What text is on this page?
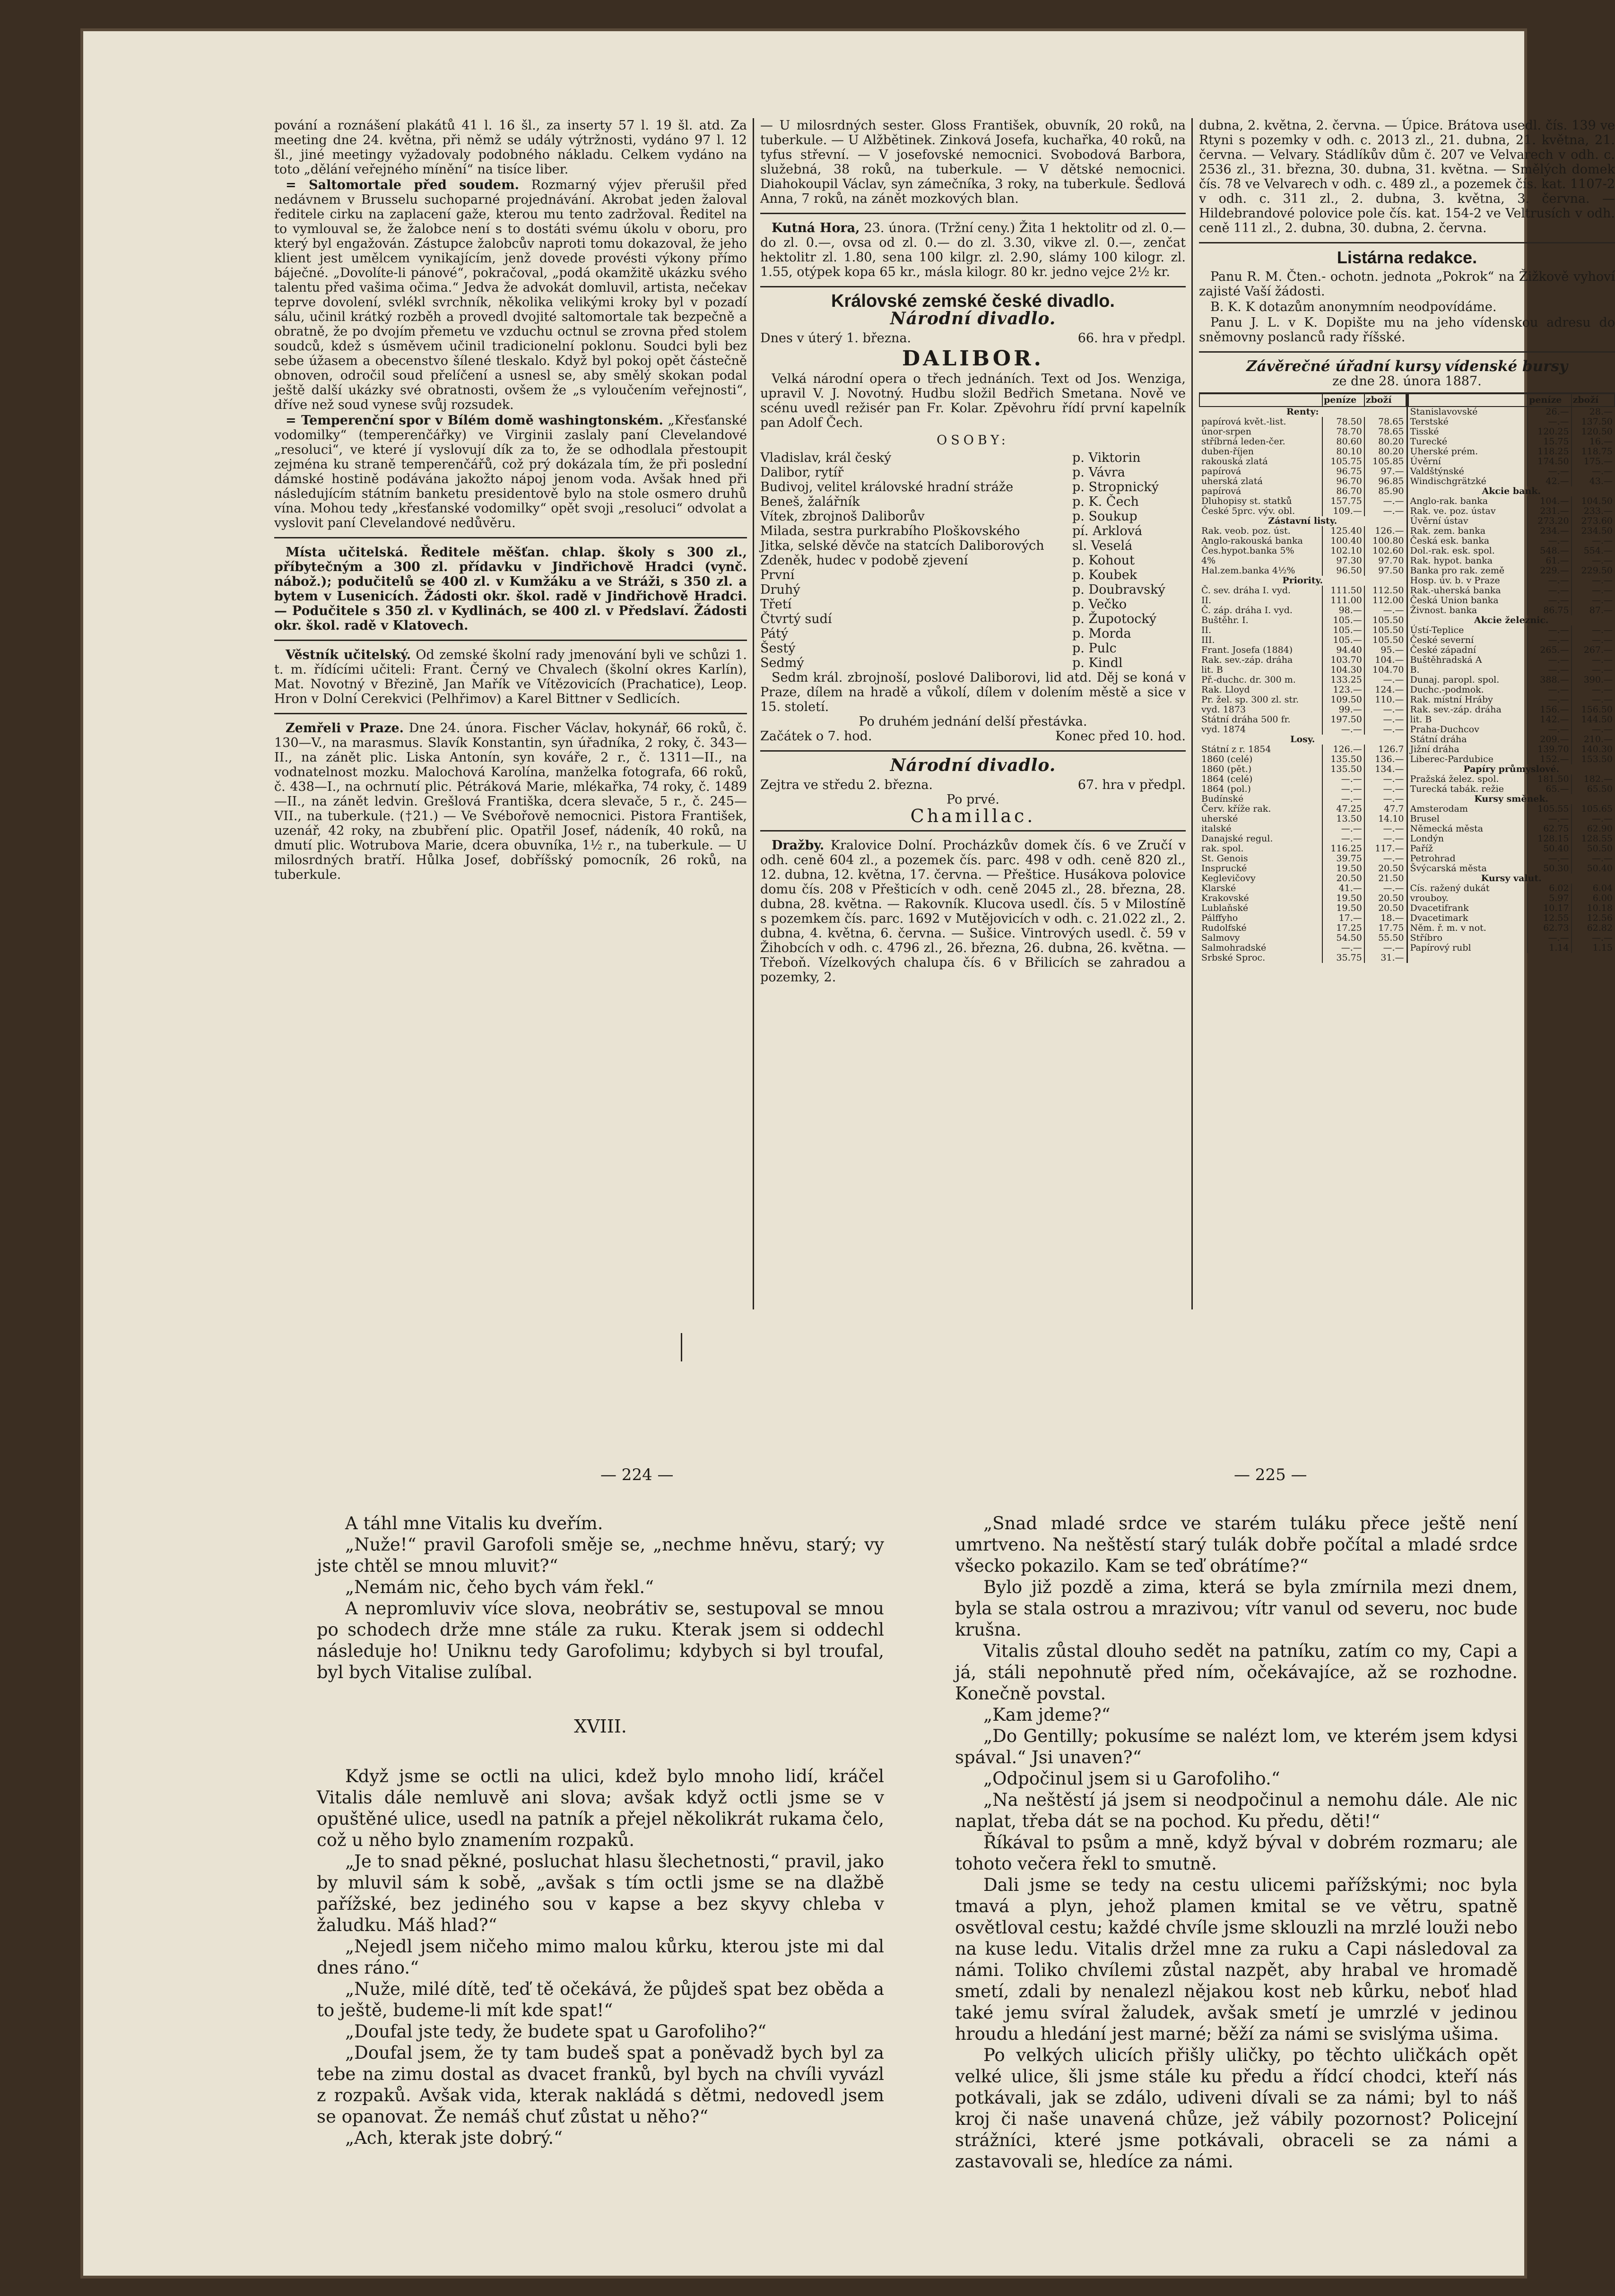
pování a roznášení plakátů 41 l. 16 šl., za inserty 57 l. 19 šl. atd. Za meeting dne 24. května, při němž se udály výtržnosti, vydáno 97 l. 12 šl., jiné meetingy vyžadovaly podobného nákladu. Celkem vydáno na toto „dělání veřejného mínění“ na tisíce liber.

= Saltomortale před soudem. Rozmarný výjev přerušil před nedávnem v Brusselu suchoparné projednávání. Akrobat jeden žaloval ředitele cirku na zaplacení gaže, kterou mu tento zadržoval. Ředitel na to vymlouval se, že žalobce není s to dostáti svému úkolu v oboru, pro který byl engažován. Zástupce žalobcův naproti tomu dokazoval, že jeho klient jest umělcem vynikajícím, jenž dovede provésti výkony přímo báječné. „Dovolíte-li pánové“, pokračoval, „podá okamžitě ukázku svého talentu před vašima očima.“ Jedva že advokát domluvil, artista, nečekav teprve dovolení, svlékl svrchník, několika velikými kroky byl v pozadí sálu, učinil krátký rozběh a provedl dvojité saltomortale tak bezpečně a obratně, že po dvojím přemetu ve vzduchu octnul se zrovna před stolem soudců, kdež s úsměvem učinil tradicionelní poklonu. Soudci byli bez sebe úžasem a obecenstvo šílené tleskalo. Když byl pokoj opět částečně obnoven, odročil soud přelíčení a usnesl se, aby smělý skokan podal ještě další ukázky své obratnosti, ovšem že „s vyloučením veřejnosti“, dříve než soud vynese svůj rozsudek.

= Temperenční spor v Bílém domě washingtonském. „Křesťanské vodomilky“ (temperenčářky) ve Virginii zaslaly paní Clevelandové „resoluci“, ve které jí vyslovují dík za to, že se odhodlala přestoupit zejména ku straně temperenčářů, což prý dokázala tím, že při poslední dámské hostině podávána jakožto nápoj jenom voda. Avšak hned při následujícím státním banketu presidentově bylo na stole osmero druhů vína. Mohou tedy „křesťanské vodomilky“ opět svoji „resoluci“ odvolat a vyslovit paní Clevelandové nedůvěru.

Místa učitelská. Ředitele měšťan. chlap. školy s 300 zl., příbytečným a 300 zl. přídavku v Jindřichově Hradci (vynč. nábož.); podučitelů se 400 zl. v Kumžáku a ve Stráži, s 350 zl. a bytem v Lusenicích. Žádosti okr. škol. radě v Jindřichově Hradci. — Podučitele s 350 zl. v Kydlinách, se 400 zl. v Předslaví. Žádosti okr. škol. radě v Klatovech.

Věstník učitelský. Od zemské školní rady jmenování byli ve schůzi 1. t. m. řídícími učiteli: Frant. Černý ve Chvalech (školní okres Karlín), Mat. Novotný v Březině, Jan Mařík ve Vítězovicích (Prachatice), Leop. Hron v Dolní Cerekvici (Pelhřimov) a Karel Bittner v Sedlicích.

Zemřeli v Praze. Dne 24. února. Fischer Václav, hokynář, 66 roků, č. 130—V., na marasmus. Slavík Konstantin, syn úřadníka, 2 roky, č. 343—II., na zánět plic. Liska Antonín, syn kováře, 2 r., č. 1311—II., na vodnatelnost mozku. Malochová Karolína, manželka fotografa, 66 roků, č. 438—I., na ochrnutí plic. Pétráková Marie, mlékařka, 74 roky, č. 1489—II., na zánět ledvin. Grešlová Františka, dcera slevače, 5 r., č. 245—VII., na tuberkule. (†21.) — Ve Svébořově nemocnici. Pistora František, uzenář, 42 roky, na zbubření plic. Opatřil Josef, nádeník, 40 roků, na dmutí plic. Wotrubova Marie, dcera obuvníka, 1½ r., na tuberkule. — U milosrdných bratří. Hůlka Josef, dobříšský pomocník, 26 roků, na tuberkule.

— U milosrdných sester. Gloss František, obuvník, 20 roků, na tuberkule. — U Alžbětinek. Zinková Josefa, kuchařka, 40 roků, na tyfus střevní. — V josefovské nemocnici. Svobodová Barbora, služebná, 38 roků, na tuberkule. — V dětské nemocnici. Diahokoupil Václav, syn zámečníka, 3 roky, na tuberkule. Šedlová Anna, 7 roků, na zánět mozkových blan.

Kutná Hora, 23. února. (Tržní ceny.) Žita 1 hektolitr od zl. 0.— do zl. 0.—, ovsa od zl. 0.— do zl. 3.30, vikve zl. 0.—, zenčat hektolitr zl. 1.80, sena 100 kilgr. zl. 2.90, slámy 100 kilogr. zl. 1.55, otýpek kopa 65 kr., másla kilogr. 80 kr. jedno vejce 2½ kr.

Královské zemské české divadlo.
Národní divadlo.
Dnes v úterý 1. března.	66. hra v předpl.
DALIBOR.

Velká národní opera o třech jednáních. Text od Jos. Wenziga, upravil V. J. Novotný. Hudbu složil Bedřich Smetana. Nově ve scénu uvedl režisér pan Fr. Kolar. Zpěvohru řídí první kapelník pan Adolf Čech.

OSOBY:
Vladislav, král český	p. Viktorin
Dalibor, rytíř	p. Vávra
Budivoj, velitel královské hradní stráže	p. Stropnický
Beneš, žalářník	p. K. Čech
Vítek, zbrojnoš Daliborův	p. Soukup
Milada, sestra purkrabího Ploškovského	pí. Arklová
Jitka, selské děvče na statcích Daliborových	sl. Veselá
Zdeněk, hudec v podobě zjevení	p. Kohout
První	p. Koubek
Druhý	p. Doubravský
Třetí	p. Večko
Čtvrtý sudí	p. Župotocký
Pátý	p. Morda
Šestý	p. Pulc
Sedmý	p. Kindl

Sedm král. zbrojnoší, poslové Daliborovi, lid atd. Děj se koná v Praze, dílem na hradě a vůkolí, dílem v dolením městě a sice v 15. století.

Po druhém jednání delší přestávka.
Začátek o 7. hod.	Konec před 10. hod.
Národní divadlo.
Zejtra ve středu 2. března.	67. hra v předpl.
Po prvé.
Chamillac.

Dražby. Kralovice Dolní. Procházkův domek čís. 6 ve Zručí v odh. ceně 604 zl., a pozemek čís. parc. 498 v odh. ceně 820 zl., 12. dubna, 12. května, 17. června. — Přeštice. Husákova polovice domu čís. 208 v Přešticích v odh. ceně 2045 zl., 28. března, 28. dubna, 28. května. — Rakovník. Klucova usedl. čís. 5 v Milostíně s pozemkem čís. parc. 1692 v Mutějovicích v odh. c. 21.022 zl., 2. dubna, 4. května, 6. června. — Sušice. Vintrových usedl. č. 59 v Žihobcích v odh. c. 4796 zl., 26. března, 26. dubna, 26. května. — Třeboň. Vízelkových chalupa čís. 6 v Břilicích se zahradou a pozemky, 2.

dubna, 2. května, 2. června. — Úpice. Brátova usedl. čís. 139 ve Rtyni s pozemky v odh. c. 2013 zl., 21. dubna, 21. května, 21. června. — Velvary. Stádlíkův dům č. 207 ve Velvarech v odh. c. 2536 zl., 31. března, 30. dubna, 31. května. — Smělých domek čís. 78 ve Velvarech v odh. c. 489 zl., a pozemek čís. kat. 1107-2 v odh. c. 311 zl., 2. dubna, 3. května, 3. června. — Hildebrandové polovice pole čís. kat. 154-2 ve Veltrusích v odh. ceně 111 zl., 2. dubna, 30. dubna, 2. června.

Listárna redakce.

Panu R. M. Čten.- ochotn. jednota „Pokrok“ na Žižkově vyhoví zajisté Vaší žádosti.

B. K. K dotazům anonymním neodpovídáme.

Panu J. L. v K. Dopište mu na jeho vídenskou adresu do sněmovny poslanců rady říšské.

Závěrečné úřadní kursy vídenské bursy
ze dne 28. února 1887.
	peníze	zboží
Renty:		
papírová květ.-list.	78.50	78.65
únor-srpen	78.70	78.65
stříbrná leden-čer.	80.60	80.20
duben-říjen	80.10	80.20
rakouská zlatá	105.75	105.85
papírová	96.75	97.—
uherská zlatá	96.70	96.85
papírová	86.70	85.90
Dluhopisy st. statků	157.75	—.—
České 5prc. výv. obl.	109.—	—.—
Zástavní listy.		
Rak. veob. poz. úst.	125.40	126.—
Anglo-rakouská banka	100.40	100.80
Čes.hypot.banka 5%	102.10	102.60
4%	97.30	97.70
Hal.zem.banka 4½%	96.50	97.50
Priority.		
Č. sev. dráha I. vyd.	111.50	112.50
II.	111.00	112.00
Č. záp. dráha I. vyd.	98.—	—.—
Buštěhr. I.	105.—	105.50
II.	105.—	105.50
III.	105.—	105.50
Frant. Josefa (1884)	94.40	95.—
Rak. sev.-záp. dráha	103.70	104.—
lit. B	104.30	104.70
Př.-duchc. dr. 300 m.	133.25	—.—
Rak. Lloyd	123.—	124.—
Pr. žel. sp. 300 zl. str.	109.50	110.—
vyd. 1873	99.—	—.—
Státní dráha 500 fr.	197.50	—.—
vyd. 1874	—.—	—.—
Losy.		
Státní z r. 1854	126.—	126.7
1860 (celé)	135.50	136.—
1860 (pět.)	135.50	134.—
1864 (celé)	—.—	—.—
1864 (pol.)	—.—	—.—
Budínské	—.—	—.—
Červ. kříže rak.	47.25	47.7
uherské	13.50	14.10
italské	—.—	—.—
Danajské regul.	—.—	—.—
rak. spol.	116.25	117.—
St. Genois	39.75	—.—
Insprucké	19.50	20.50
Keglevičovy	20.50	21.50
Klarské	41.—	—.—
Krakovské	19.50	20.50
Lublaňské	19.50	20.50
Pálffyho	17.—	18.—
Rudolfské	17.25	17.75
Salmovy	54.50	55.50
Salmohradské	—.—	—.—
Srbské Sproc.	35.75	31.—
	peníze	zboží
Stanislavovské	26.—	28.—
Terstské	—.—	137.50
Tisské	120.25	120.50
Turecké	15.75	16.—
Uherské prém.	118.25	118.75
Úvěrní	174.50	175.—
Valdštýnské	—.—	—.—
Windischgrätzké	42.—	43.—
Akcie bank.		
Anglo-rak. banka	104.—	104.50
Rak. ve. poz. ústav	231.—	233.—
Úvěrní ústav	273.20	273.60
Rak. zem. banka	234.—	234.50
Česká esk. banka	—.—	—.—
Dol.-rak. esk. spol.	548.—	554.—
Rak. hypot. banka	61.—	—.—
Banka pro rak. země	229.—	229.50
Hosp. úv. b. v Praze	—.—	—.—
Rak.-uherská banka	—.—	—.—
Česká Union banka	—.—	—.—
Živnost. banka	86.75	87.—
Akcie železnic.		
Ústí-Teplice	—.—	—.—
České severní	—.—	—.—
České západní	265.—	267.—
Buštěhradská A	—.—	—.—
B.	—.—	—.—
Dunaj. paropl. spol.	388.—	390.—
Duchc.-podmok.	—.—	—.—
Rak. místní Hráby	—.—	—.—
Rak. sev.-záp. dráha	156.—	156.50
lit. B	142.—	144.50
Praha-Duchcov	—.—	—.—
Státní dráha	209.—	210.—
Jižní dráha	139.70	140.30
Liberec-Pardubice	152.—	153.50
Papíry průmyslové.		
Pražská želez. spol.	181.50	182.—
Turecká tabák. režie	65.—	65.50
Kursy směnek.		
Amsterodam	105.55	105.65
Brusel	—.—	—.—
Německá města	62.75	62.90
Londýn	128.15	128.55
Paříž	50.40	50.50
Petrohrad	—.—	—.—
Švýcarská města	50.30	50.40
Kursy valut.		
Cís. ražený dukát	6.02	6.04
vrouboy.	5.97	6.00
Dvacetifrank	10.17	10.18
Dvacetimark	12.55	12.56
Něm. ř. m. v not.	62.73	62.82
Stříbro	—.—	—.—
Papírový rubl	1.14	1.15
— 224 —	— 225 —

A táhl mne Vitalis ku dveřím.

„Nuže!“ pravil Garofoli směje se, „nechme hněvu, starý; vy jste chtěl se mnou mluvit?“

„Nemám nic, čeho bych vám řekl.“

A nepromluviv více slova, neobrátiv se, sestupoval se mnou po schodech drže mne stále za ruku. Kterak jsem si oddechl následuje ho! Uniknu tedy Garofolimu; kdybych si byl troufal, byl bych Vitalise zulíbal.

XVIII.

Když jsme se octli na ulici, kdež bylo mnoho lidí, kráčel Vitalis dále nemluvě ani slova; avšak když octli jsme se v opuštěné ulice, usedl na patník a přejel několikrát rukama čelo, což u něho bylo znamením rozpaků.

„Je to snad pěkné, posluchat hlasu šlechetnosti,“ pravil, jako by mluvil sám k sobě, „avšak s tím octli jsme se na dlažbě pařížské, bez jediného sou v kapse a bez skyvy chleba v žaludku. Máš hlad?“

„Nejedl jsem ničeho mimo malou kůrku, kterou jste mi dal dnes ráno.“

„Nuže, milé dítě, teď tě očekává, že půjdeš spat bez oběda a to ještě, budeme-li mít kde spat!“

„Doufal jste tedy, že budete spat u Garofoliho?“

„Doufal jsem, že ty tam budeš spat a poněvadž bych byl za tebe na zimu dostal as dvacet franků, byl bych na chvíli vyvázl z rozpaků. Avšak vida, kterak nakládá s dětmi, nedovedl jsem se opanovat. Že nemáš chuť zůstat u něho?“

„Ach, kterak jste dobrý.“

„Snad mladé srdce ve starém tuláku přece ještě není umrtveno. Na neštěstí starý tulák dobře počítal a mladé srdce všecko pokazilo. Kam se teď obrátíme?“

Bylo již pozdě a zima, která se byla zmírnila mezi dnem, byla se stala ostrou a mrazivou; vítr vanul od severu, noc bude krušna.

Vitalis zůstal dlouho sedět na patníku, zatím co my, Capi a já, stáli nepohnutě před ním, očekávajíce, až se rozhodne. Konečně povstal.

„Kam jdeme?“

„Do Gentilly; pokusíme se nalézt lom, ve kterém jsem kdysi spával.“ Jsi unaven?“

„Odpočinul jsem si u Garofoliho.“

„Na neštěstí já jsem si neodpočinul a nemohu dále. Ale nic naplat, třeba dát se na pochod. Ku předu, děti!“

Říkával to psům a mně, když býval v dobrém rozmaru; ale tohoto večera řekl to smutně.

Dali jsme se tedy na cestu ulicemi pařížskými; noc byla tmavá a plyn, jehož plamen kmital se ve větru, spatně osvětloval cestu; každé chvíle jsme sklouzli na mrzlé louži nebo na kuse ledu. Vitalis držel mne za ruku a Capi následoval za námi. Toliko chvílemi zůstal nazpět, aby hrabal ve hromadě smetí, zdali by nenalezl nějakou kost neb kůrku, neboť hlad také jemu svíral žaludek, avšak smetí je umrzlé v jedinou hroudu a hledání jest marné; běží za námi se svislýma ušima.

Po velkých ulicích přišly uličky, po těchto uličkách opět velké ulice, šli jsme stále ku předu a řídcí chodci, kteří nás potkávali, jak se zdálo, udiveni dívali se za námi; byl to náš kroj či naše unavená chůze, jež vábily pozornost? Policejní strážníci, které jsme potkávali, obraceli se za námi a zastavovali se, hledíce za námi.
